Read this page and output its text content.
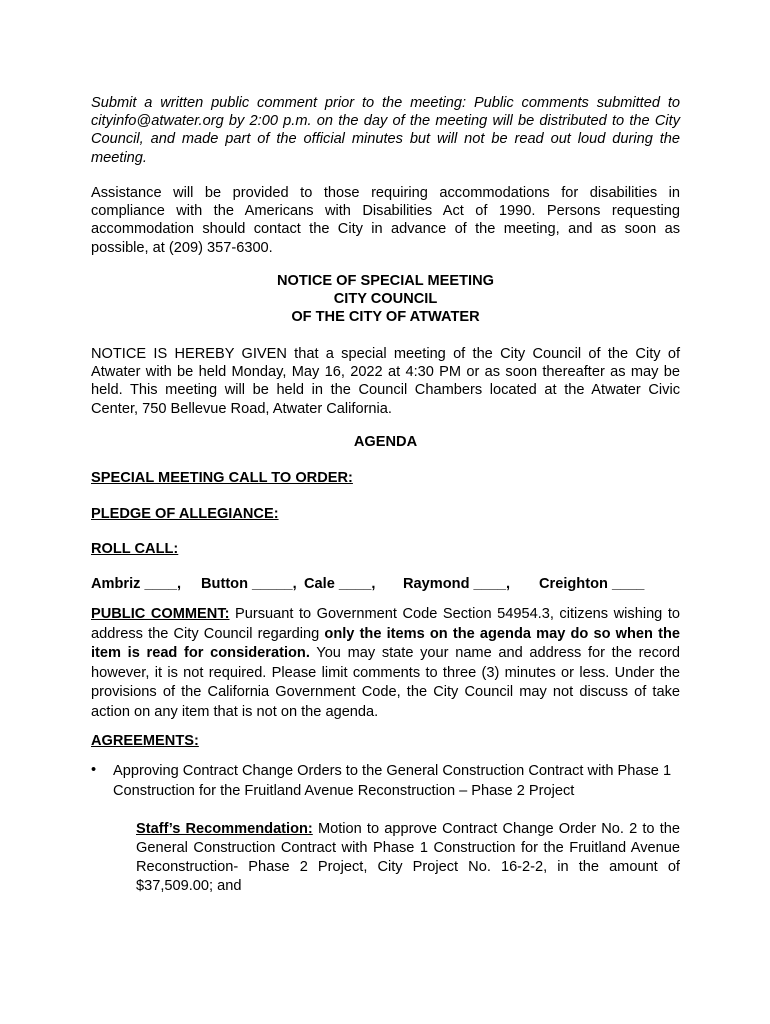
Submit a written public comment prior to the meeting: Public comments submitted to cityinfo@atwater.org by 2:00 p.m. on the day of the meeting will be distributed to the City Council, and made part of the official minutes but will not be read out loud during the meeting.

Assistance will be provided to those requiring accommodations for disabilities in compliance with the Americans with Disabilities Act of 1990. Persons requesting accommodation should contact the City in advance of the meeting, and as soon as possible, at (209) 357-6300.

NOTICE OF SPECIAL MEETING
CITY COUNCIL
OF THE CITY OF ATWATER

NOTICE IS HEREBY GIVEN that a special meeting of the City Council of the City of Atwater with be held Monday, May 16, 2022 at 4:30 PM or as soon thereafter as may be held. This meeting will be held in the Council Chambers located at the Atwater Civic Center, 750 Bellevue Road, Atwater California.

AGENDA
SPECIAL MEETING CALL TO ORDER:
PLEDGE OF ALLEGIANCE:
ROLL CALL:
Ambriz ____, Button _____, Cale ____, Raymond ____, Creighton ____

PUBLIC COMMENT: Pursuant to Government Code Section 54954.3, citizens wishing to address the City Council regarding only the items on the agenda may do so when the item is read for consideration. You may state your name and address for the record however, it is not required. Please limit comments to three (3) minutes or less. Under the provisions of the California Government Code, the City Council may not discuss of take action on any item that is not on the agenda.

AGREEMENTS:
• Approving Contract Change Orders to the General Construction Contract with Phase 1 Construction for the Fruitland Avenue Reconstruction – Phase 2 Project

Staff’s Recommendation: Motion to approve Contract Change Order No. 2 to the General Construction Contract with Phase 1 Construction for the Fruitland Avenue Reconstruction- Phase 2 Project, City Project No. 16-2-2, in the amount of $37,509.00; and
